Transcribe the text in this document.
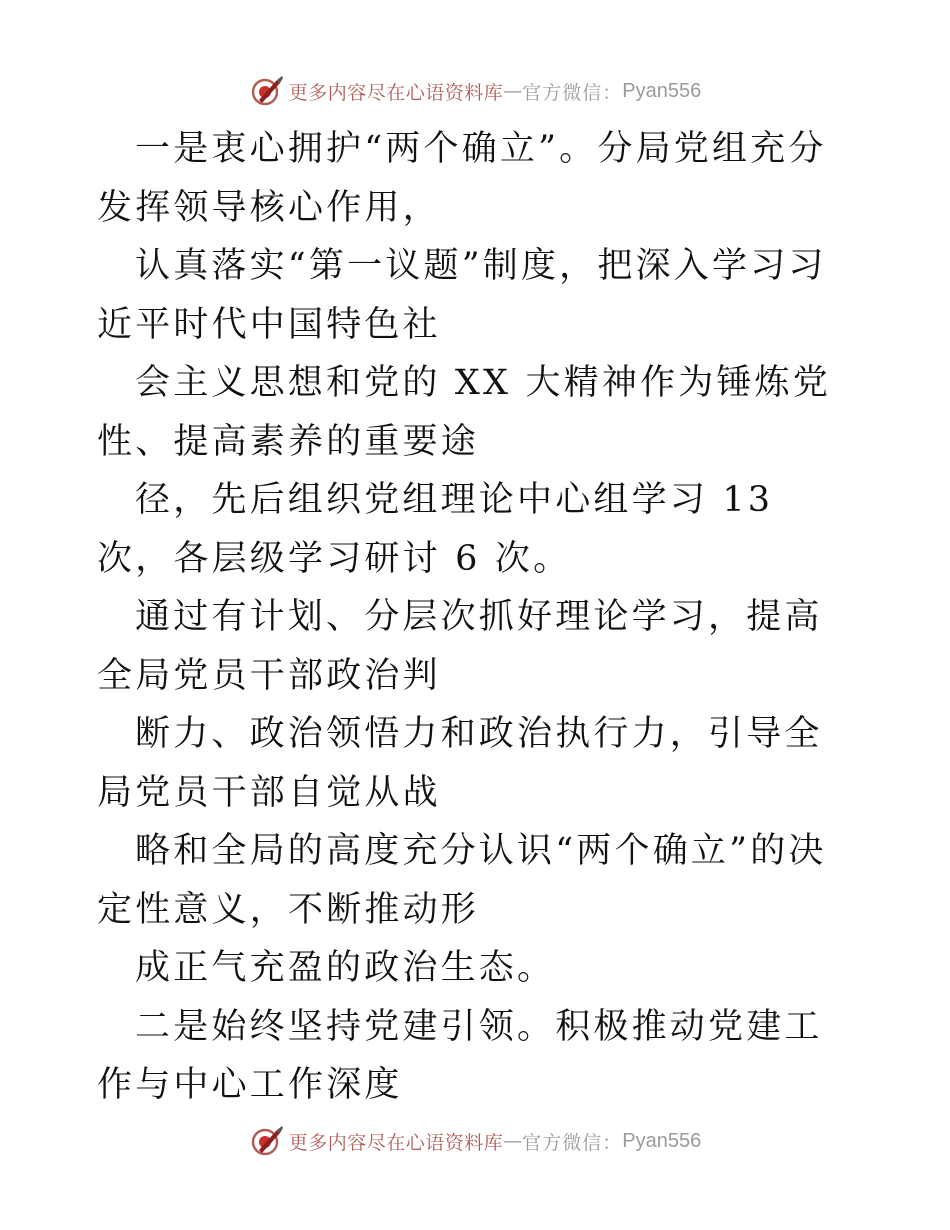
更多内容尽在心语资料库 — 官方微信： Pyan556

一是衷心拥护“两个确立”。分局党组充分发挥领导核心作用，

认真落实“第一议题”制度，把深入学习习近平时代中国特色社

会主义思想和党的 XX 大精神作为锤炼党性、提高素养的重要途

径，先后组织党组理论中心组学习 13 次，各层级学习研讨 6 次。

通过有计划、分层次抓好理论学习，提高全局党员干部政治判

断力、政治领悟力和政治执行力，引导全局党员干部自觉从战

略和全局的高度充分认识“两个确立”的决定性意义，不断推动形

成正气充盈的政治生态。

二是始终坚持党建引领。积极推动党建工作与中心工作深度

更多内容尽在心语资料库 — 官方微信： Pyan556
